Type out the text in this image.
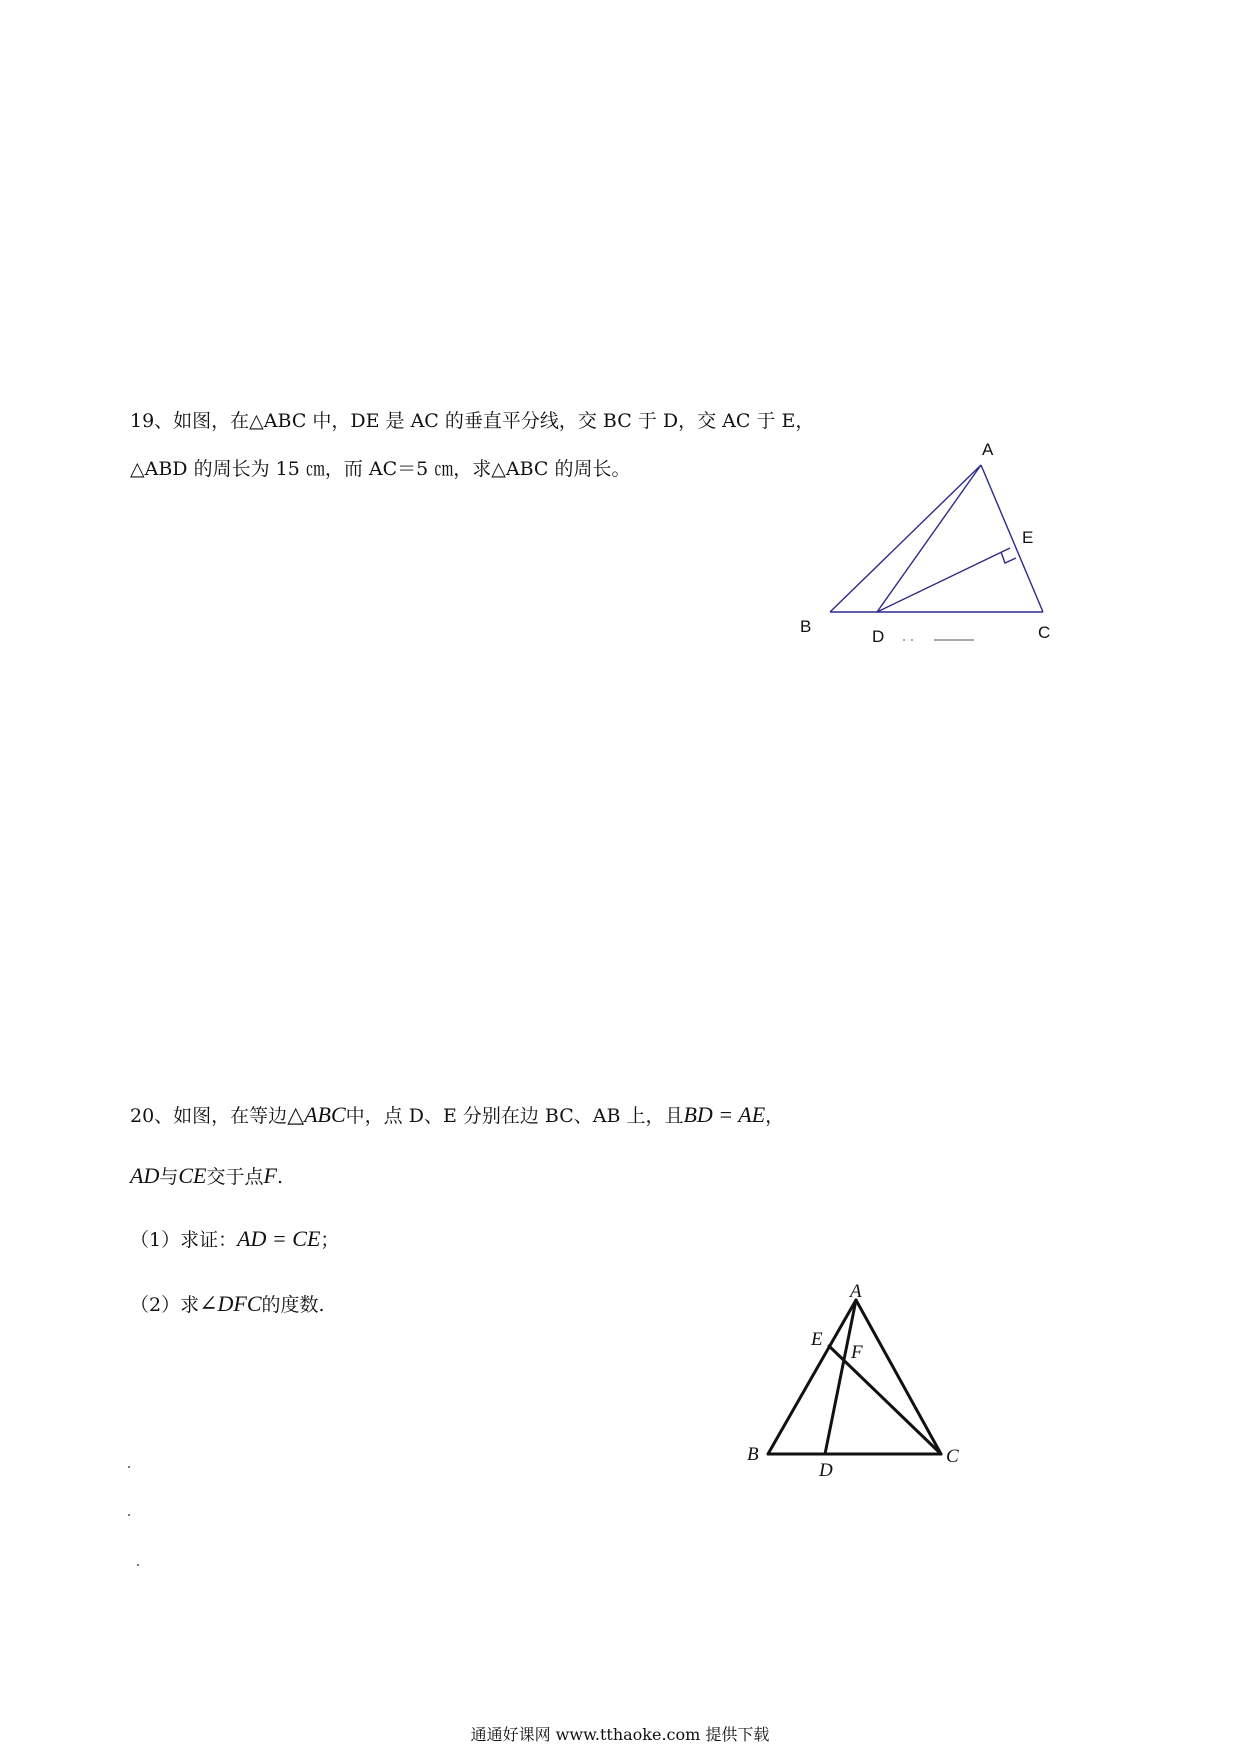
19、如图，在△ABC 中，DE 是 AC 的垂直平分线，交 BC 于 D，交 AC 于 E，
△ABD 的周长为 15 ㎝，而 AC＝5 ㎝，求△ABC 的周长。
A
B	C
D
E
20、如图，在等边△ABC中，点 D、E 分别在边 BC、AB 上，且BD = AE，
AD与CE交于点F.
（1）求证：AD = CE；
（2）求∠DFC的度数.
A
B	C
D
E
F
通通好课网 www.tthaoke.com 提供下载
